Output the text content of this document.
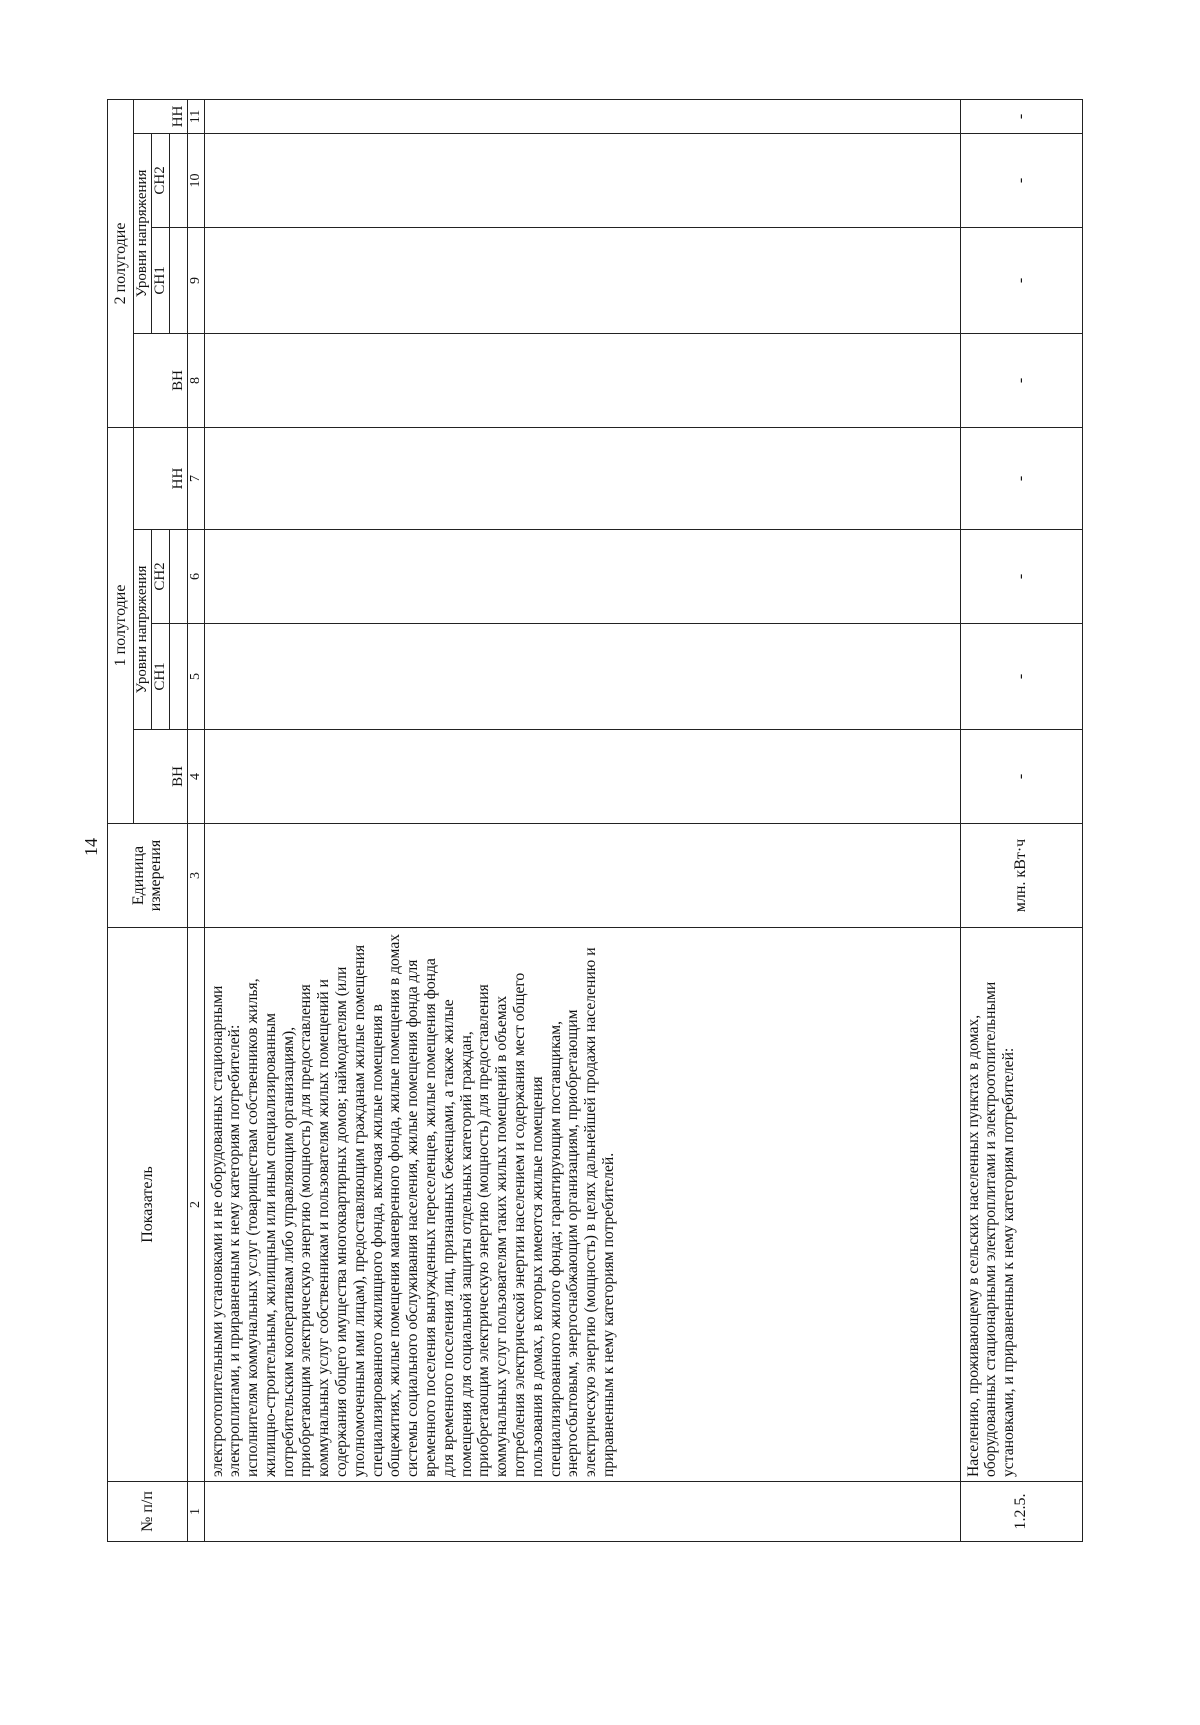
14
№ п/п	Показатель	Единица измерения	1 полугодие				2 полугодие			
				Уровни напряжения				Уровни напряжения		
				СН1	СН2			СН1	СН2	
			ВН			НН	ВН			НН
1	2	3	4	5	6	7	8	9	10	11
	электроотопительными установками и не оборудованных стационарными электроплитами, и приравненным к нему категориям потребителей: исполнителям коммунальных услуг (товариществам собственников жилья, жилищно-строительным, жилищным или иным специализированным потребительским кооперативам либо управляющим организациям), приобретающим электрическую энергию (мощность) для предоставления коммунальных услуг собственникам и пользователям жилых помещений и содержания общего имущества многоквартирных домов; наймодателям (или уполномоченным ими лицам), предоставляющим гражданам жилые помещения специализированного жилищного фонда, включая жилые помещения в общежитиях, жилые помещения маневренного фонда, жилые помещения в домах системы социального обслуживания населения, жилые помещения фонда для временного поселения вынужденных переселенцев, жилые помещения фонда для временного поселения лиц, признанных беженцами, а также жилые помещения для социальной защиты отдельных категорий граждан, приобретающим электрическую энергию (мощность) для предоставления коммунальных услуг пользователям таких жилых помещений в объемах потребления электрической энергии населением и содержания мест общего пользования в домах, в которых имеются жилые помещения специализированного жилого фонда; гарантирующим поставщикам, энергосбытовым, энергоснабжающим организациям, приобретающим электрическую энергию (мощность) в целях дальнейшей продажи населению и приравненным к нему категориям потребителей.									
1.2.5.	Населению, проживающему в сельских населенных пунктах в домах, оборудованных стационарными электроплитами и электроотопительными установками, и приравненным к нему категориям потребителей:	млн. кВт·ч	-	-	-	-	-	-	-	-
